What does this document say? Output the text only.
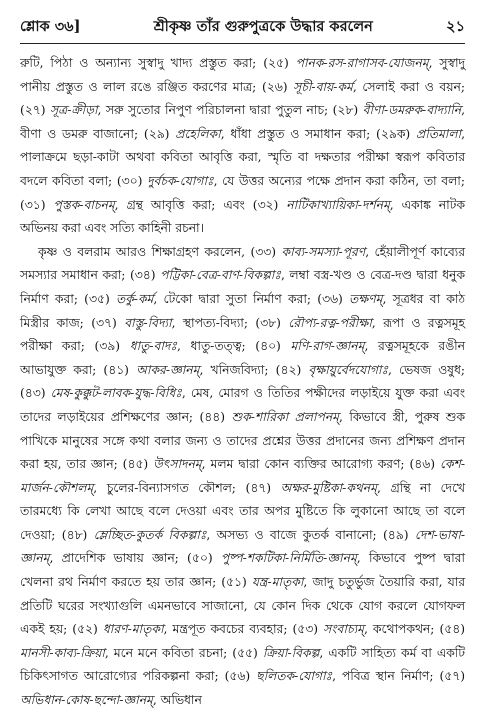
শ্লোক ৩৬]	শ্রীকৃষ্ণ তাঁর গুরুপুত্রকে উদ্ধার করলেন	২১

রুটি, পিঠা ও অন্যান্য সুস্বাদু খাদ্য প্রস্তুত করা; (২৫) পানক-রস-রাগাসব-যোজনম্, সুস্বাদু পানীয় প্রস্তুত ও লাল রঙে রঞ্জিত করণের মাত্র; (২৬) সূচী-বায়-কর্ম, সেলাই করা ও বয়ন; (২৭) সূত্র-ক্রীড়া, সরু সুতোর নিপুণ পরিচালনা দ্বারা পুতুল নাচ; (২৮) বীণা-ডমরুক-বাদ্যানি, বীণা ও ডমরু বাজানো; (২৯) প্রহেলিকা, ধাঁধা প্রস্তুত ও সমাধান করা; (২৯ক) প্রতিমালা, পালাক্রমে ছড়া-কাটা অথবা কবিতা আবৃত্তি করা, স্মৃতি বা দক্ষতার পরীক্ষা স্বরূপ কবিতার বদলে কবিতা বলা; (৩০) দুর্বচক-যোগাঃ, যে উত্তর অন্যের পক্ষে প্রদান করা কঠিন, তা বলা; (৩১) পুস্তক-বাচনম্, গ্রন্থ আবৃত্তি করা; এবং (৩২) নাটিকাখ্যায়িকা-দর্শনম্, একাঙ্ক নাটক অভিনয় করা এবং সত্যি কাহিনী রচনা।

কৃষ্ণ ও বলরাম আরও শিক্ষাগ্রহণ করলেন, (৩৩) কাব্য-সমস্যা-পূরণ, হেঁয়ালীপূর্ণ কাব্যের সমস্যার সমাধান করা; (৩৪) পট্টিকা-বেত্র-বাণ-বিকল্পাঃ, লম্বা বস্ত্র-খণ্ড ও বেত্র-দণ্ড দ্বারা ধনুক নির্মাণ করা; (৩৫) তর্কু-কর্ম, টেকো দ্বারা সুতা নির্মাণ করা; (৩৬) তক্ষণম্, সূত্রধর বা কাঠ মিস্ত্রীর কাজ; (৩৭) বাস্তু-বিদ্যা, স্থাপত্য-বিদ্যা; (৩৮) রৌপ্য-রত্ন-পরীক্ষা, রূপা ও রত্নসমূহ পরীক্ষা করা; (৩৯) ধাতু-বাদঃ, ধাতু-তত্ত্ব; (৪০) মণি-রাগ-জ্ঞানম্, রত্নসমূহকে রঙীন আভাযুক্ত করা; (৪১) আকর-জ্ঞানম্, খনিজবিদ্যা; (৪২) বৃক্ষায়ুর্বেদযোগাঃ, ভেষজ ওষুধ; (৪৩) মেষ-কুক্কুট-লাবক-যুদ্ধ-বিধিঃ, মেষ, মোরগ ও তিতির পক্ষীদের লড়াইয়ে যুক্ত করা এবং তাদের লড়াইয়ের প্রশিক্ষণের জ্ঞান; (৪৪) শুক-শারিকা প্রলাপনম্, কিভাবে স্ত্রী, পুরুষ শুক পাখিকে মানুষের সঙ্গে কথা বলার জন্য ও তাদের প্রশ্নের উত্তর প্রদানের জন্য প্রশিক্ষণ প্রদান করা হয়, তার জ্ঞান; (৪৫) উৎসাদনম্, মলম দ্বারা কোন ব্যক্তির আরোগ্য করণ; (৪৬) কেশ-মার্জন-কৌশলম্, চুলের-বিন্যাসগত কৌশল; (৪৭) অক্ষর-মুষ্টিকা-কথনম্, গ্রন্থি না দেখে তারমধ্যে কি লেখা আছে বলে দেওয়া এবং তার অপর মুষ্টিতে কি লুকানো আছে তা বলে দেওয়া; (৪৮) ম্লেচ্ছিত-কুতর্ক বিকল্পাঃ, অসভ্য ও বাজে কুতর্ক বানানো; (৪৯) দেশ-ভাষা-জ্ঞানম্, প্রাদেশিক ভাষায় জ্ঞান; (৫০) পুষ্প-শকটিকা-নির্মিতি-জ্ঞানম্, কিভাবে পুষ্প দ্বারা খেলনা রথ নির্মাণ করতে হয় তার জ্ঞান; (৫১) যন্ত্র-মাতৃকা, জাদু চতুর্ভুজ তৈয়ারি করা, যার প্রতিটি ঘরের সংখ্যাগুলি এমনভাবে সাজানো, যে কোন দিক থেকে যোগ করলে যোগফল একই হয়; (৫২) ধারণ-মাতৃকা, মন্ত্রপূত কবচের ব্যবহার; (৫৩) সংবাচ্যম্, কথোপকথন; (৫৪) মানসী-কাব্য-ক্রিয়া, মনে মনে কবিতা রচনা; (৫৫) ক্রিয়া-বিকল্প, একটি সাহিত্য কর্ম বা একটি চিকিৎসাগত আরোগ্যের পরিকল্পনা করা; (৫৬) ছলিতক-যোগাঃ, পবিত্র স্থান নির্মাণ; (৫৭) অভিধান-কোষ-ছন্দো-জ্ঞানম্, অভিধান
